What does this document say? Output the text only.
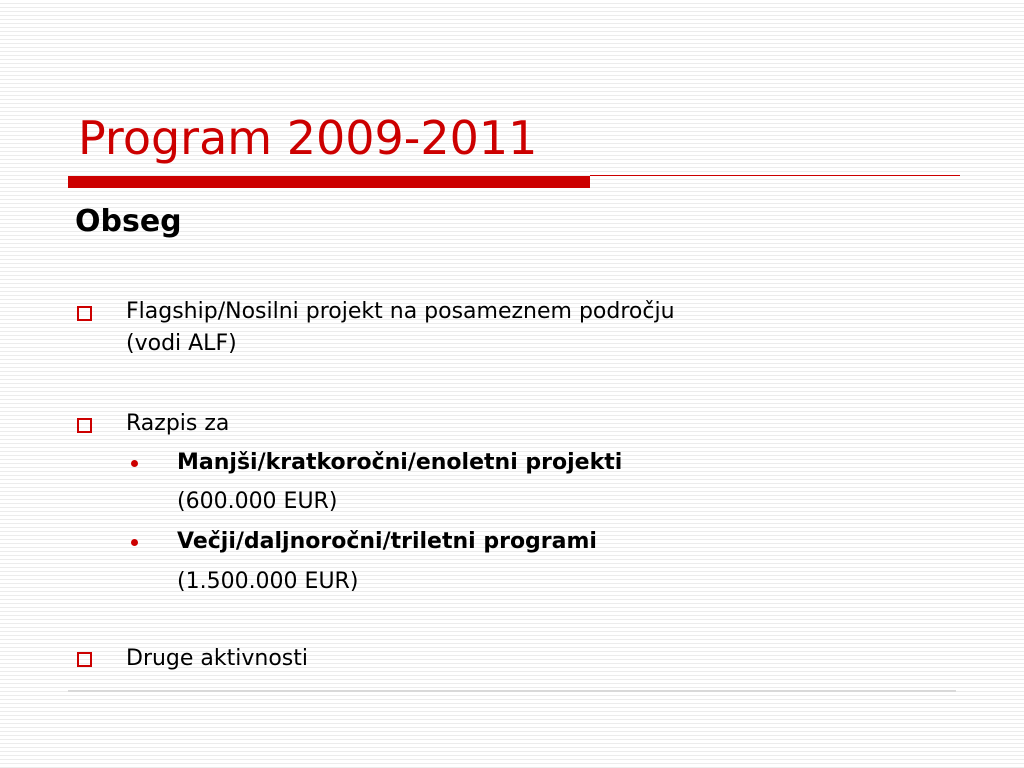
Program 2009-2011
Obseg
Flagship/Nosilni projekt na posameznem področju
(vodi ALF)
Razpis za
Manjši/kratkoročni/enoletni projekti
(600.000 EUR)
Večji/daljnoročni/triletni programi
(1.500.000 EUR)
Druge aktivnosti
